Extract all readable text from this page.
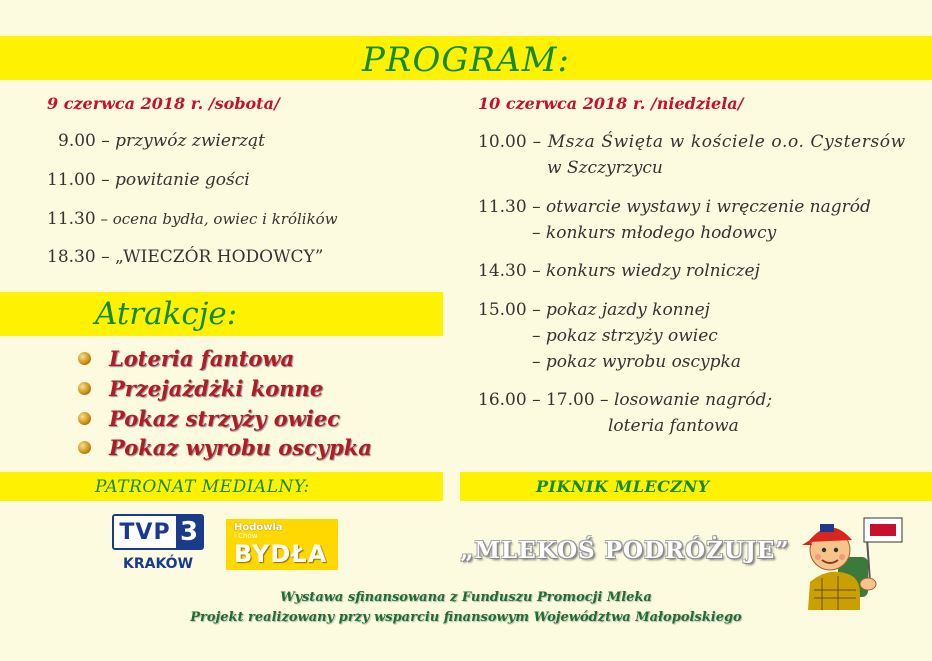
PROGRAM:
9 czerwca 2018 r. /sobota/
9.00 – przywóz zwierząt
11.00 – powitanie gości
11.30 – ocena bydła, owiec i królików
18.30 – „WIECZÓR HODOWCY”
10 czerwca 2018 r. /niedziela/
10.00 – Msza Święta w kościele o.o. Cystersów
w Szczyrzycu
11.30 – otwarcie wystawy i wręczenie nagród
– konkurs młodego hodowcy
14.30 – konkurs wiedzy rolniczej
15.00 – pokaz jazdy konnej
– pokaz strzyży owiec
– pokaz wyrobu oscypka
16.00 – 17.00 – losowanie nagród;
loteria fantowa
Atrakcje:
Loteria fantowa
Przejażdżki konne
Pokaz strzyży owiec
Pokaz wyrobu oscypka
PATRONAT MEDIALNY:	PIKNIK MLECZNY
TVP 3
KRAKÓW
Hodowla
i Chów
BYDŁA	„MLEKOŚ PODRÓŻUJE”
Wystawa sfinansowana z Funduszu Promocji Mleka
Projekt realizowany przy wsparciu finansowym Województwa Małopolskiego
